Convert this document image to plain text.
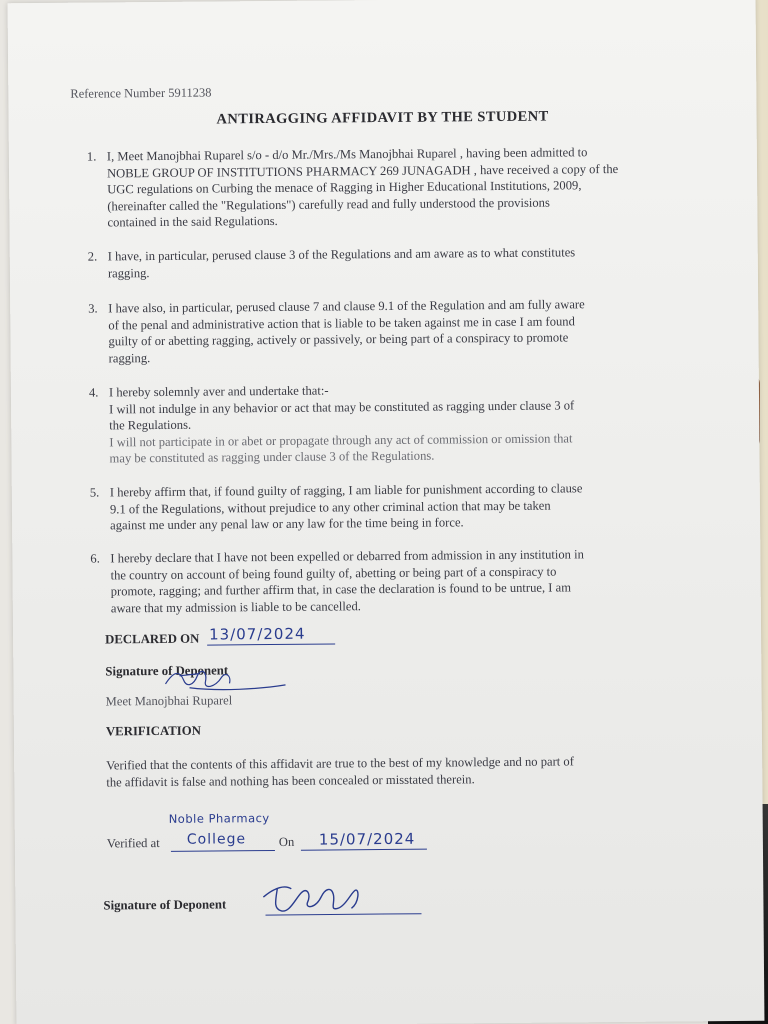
Reference Number 5911238
ANTIRAGGING AFFIDAVIT BY THE STUDENT
1. I, Meet Manojbhai Ruparel s/o - d/o Mr./Mrs./Ms Manojbhai Ruparel , having been admitted to
NOBLE GROUP OF INSTITUTIONS PHARMACY 269 JUNAGADH , have received a copy of the
UGC regulations on Curbing the menace of Ragging in Higher Educational Institutions, 2009,
(hereinafter called the "Regulations") carefully read and fully understood the provisions
contained in the said Regulations.
2. I have, in particular, perused clause 3 of the Regulations and am aware as to what constitutes
ragging.
3. I have also, in particular, perused clause 7 and clause 9.1 of the Regulation and am fully aware
of the penal and administrative action that is liable to be taken against me in case I am found
guilty of or abetting ragging, actively or passively, or being part of a conspiracy to promote
ragging.
4. I hereby solemnly aver and undertake that:-
I will not indulge in any behavior or act that may be constituted as ragging under clause 3 of
the Regulations.
I will not participate in or abet or propagate through any act of commission or omission that
may be constituted as ragging under clause 3 of the Regulations.
5. I hereby affirm that, if found guilty of ragging, I am liable for punishment according to clause
9.1 of the Regulations, without prejudice to any other criminal action that may be taken
against me under any penal law or any law for the time being in force.
6. I hereby declare that I have not been expelled or debarred from admission in any institution in
the country on account of being found guilty of, abetting or being part of a conspiracy to
promote, ragging; and further affirm that, in case the declaration is found to be untrue, I am
aware that my admission is liable to be cancelled.
DECLARED ON 13/07/2024
Signature of Deponent
Meet Manojbhai Ruparel
VERIFICATION
Verified that the contents of this affidavit are true to the best of my knowledge and no part of
the affidavit is false and nothing has been concealed or misstated therein.
Noble Pharmacy
Verified at College	On 15/07/2024
Signature of Deponent
